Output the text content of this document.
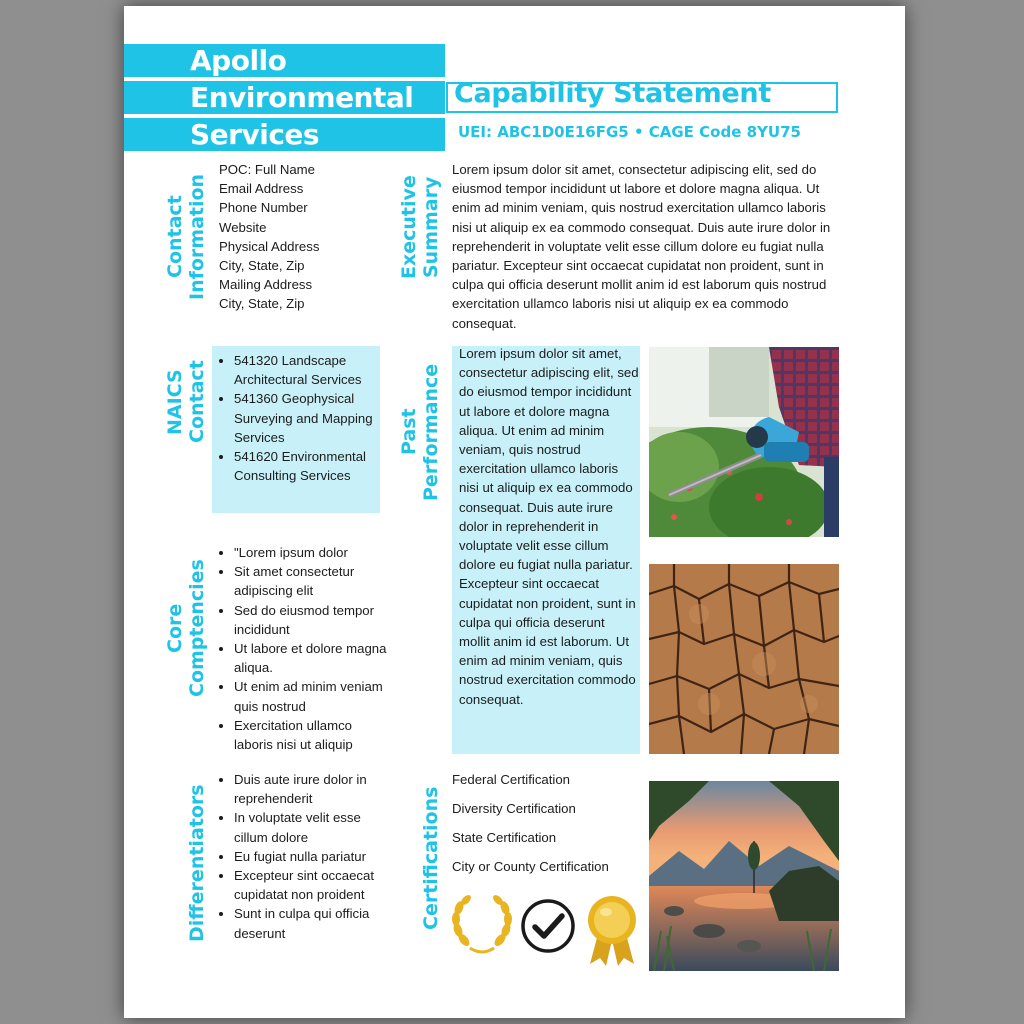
Apollo
Environmental
Services
Capability Statement
UEI: ABC1D0E16FG5 • CAGE Code 8YU75
Contact
Information
POC: Full Name
Email Address
Phone Number
Website
Physical Address
City, State, Zip
Mailing Address
City, State, Zip
Executive
Summary
Lorem ipsum dolor sit amet, consectetur adipiscing elit, sed do eiusmod tempor incididunt ut labore et dolore magna aliqua. Ut enim ad minim veniam, quis nostrud exercitation ullamco laboris nisi ut aliquip ex ea commodo consequat. Duis aute irure dolor in reprehenderit in voluptate velit esse cillum dolore eu fugiat nulla pariatur. Excepteur sint occaecat cupidatat non proident, sunt in culpa qui officia deserunt mollit anim id est laborum quis nostrud exercitation ullamco laboris nisi ut aliquip ex ea commodo consequat.
NAICS
Contact
• 541320 Landscape Architectural Services
• 541360 Geophysical Surveying and Mapping Services
• 541620 Environmental Consulting Services
Past
Performance
Lorem ipsum dolor sit amet, consectetur adipiscing elit, sed do eiusmod tempor incididunt ut labore et dolore magna aliqua. Ut enim ad minim veniam, quis nostrud exercitation ullamco laboris nisi ut aliquip ex ea commodo consequat. Duis aute irure dolor in reprehenderit in voluptate velit esse cillum dolore eu fugiat nulla pariatur. Excepteur sint occaecat cupidatat non proident, sunt in culpa qui officia deserunt mollit anim id est laborum. Ut enim ad minim veniam, quis nostrud exercitation commodo consequat.
Core
Comptencies
• "Lorem ipsum dolor
• Sit amet consectetur adipiscing elit
• Sed do eiusmod tempor incididunt
• Ut labore et dolore magna aliqua.
• Ut enim ad minim veniam quis nostrud
• Exercitation ullamco laboris nisi ut aliquip
Differentiators
• Duis aute irure dolor in reprehenderit
• In voluptate velit esse cillum dolore
• Eu fugiat nulla pariatur
• Excepteur sint occaecat cupidatat non proident
• Sunt in culpa qui officia deserunt
Certifications

Federal Certification

Diversity Certification

State Certification

City or County Certification
